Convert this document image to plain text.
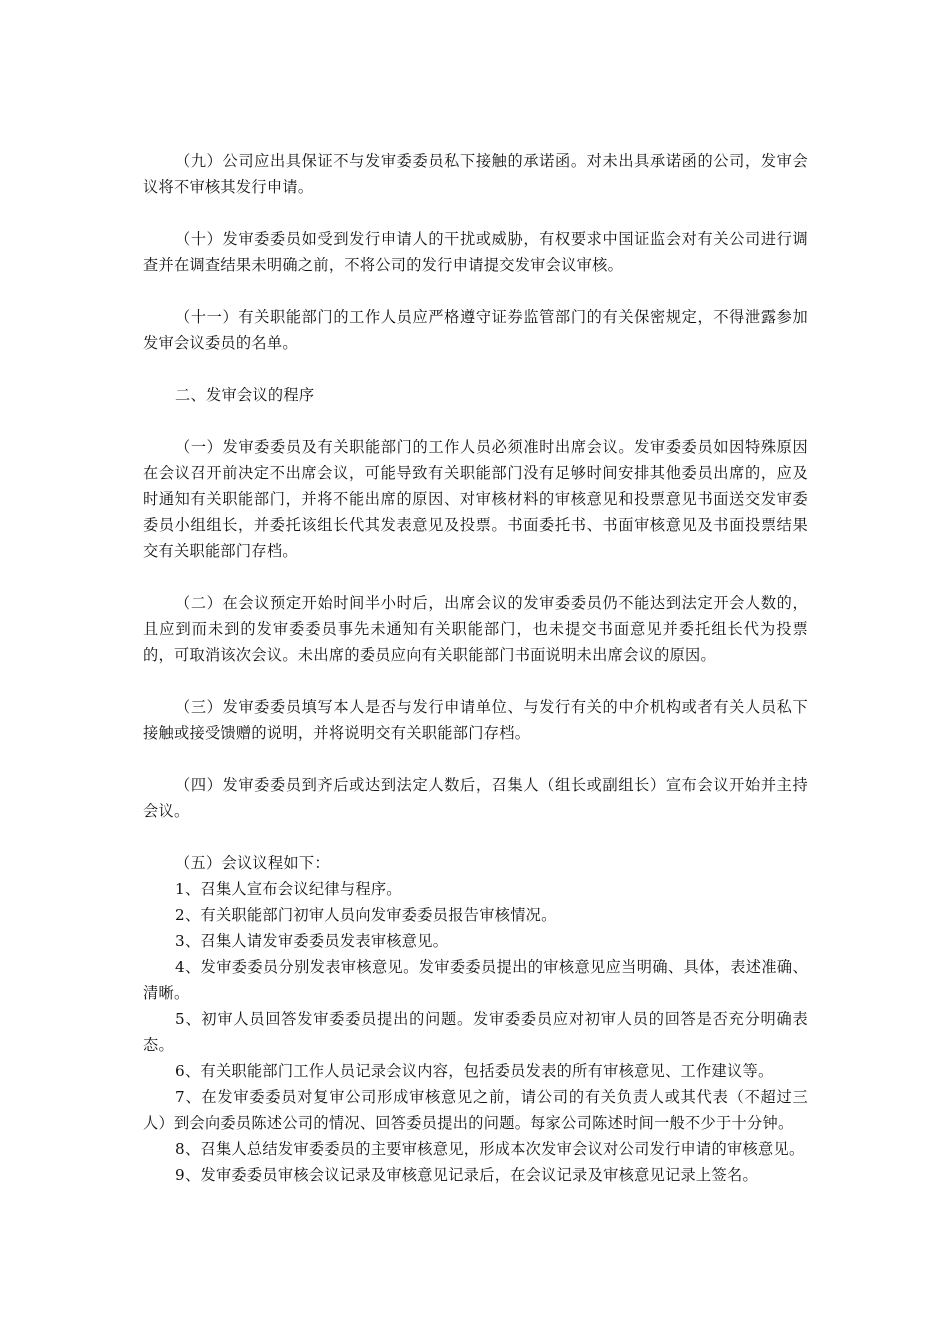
（九）公司应出具保证不与发审委委员私下接触的承诺函。对未出具承诺函的公司，发审会议将不审核其发行申请。

（十）发审委委员如受到发行申请人的干扰或威胁，有权要求中国证监会对有关公司进行调查并在调查结果未明确之前，不将公司的发行申请提交发审会议审核。

（十一）有关职能部门的工作人员应严格遵守证券监管部门的有关保密规定，不得泄露参加发审会议委员的名单。

二、发审会议的程序

（一）发审委委员及有关职能部门的工作人员必须准时出席会议。发审委委员如因特殊原因在会议召开前决定不出席会议，可能导致有关职能部门没有足够时间安排其他委员出席的，应及时通知有关职能部门，并将不能出席的原因、对审核材料的审核意见和投票意见书面送交发审委委员小组组长，并委托该组长代其发表意见及投票。书面委托书、书面审核意见及书面投票结果交有关职能部门存档。

（二）在会议预定开始时间半小时后，出席会议的发审委委员仍不能达到法定开会人数的，且应到而未到的发审委委员事先未通知有关职能部门，也未提交书面意见并委托组长代为投票的，可取消该次会议。未出席的委员应向有关职能部门书面说明未出席会议的原因。

（三）发审委委员填写本人是否与发行申请单位、与发行有关的中介机构或者有关人员私下接触或接受馈赠的说明，并将说明交有关职能部门存档。

（四）发审委委员到齐后或达到法定人数后，召集人（组长或副组长）宣布会议开始并主持会议。

（五）会议议程如下：

1、召集人宣布会议纪律与程序。

2、有关职能部门初审人员向发审委委员报告审核情况。

3、召集人请发审委委员发表审核意见。

4、发审委委员分别发表审核意见。发审委委员提出的审核意见应当明确、具体，表述准确、清晰。

5、初审人员回答发审委委员提出的问题。发审委委员应对初审人员的回答是否充分明确表态。

6、有关职能部门工作人员记录会议内容，包括委员发表的所有审核意见、工作建议等。

7、在发审委委员对复审公司形成审核意见之前，请公司的有关负责人或其代表（不超过三人）到会向委员陈述公司的情况、回答委员提出的问题。每家公司陈述时间一般不少于十分钟。

8、召集人总结发审委委员的主要审核意见，形成本次发审会议对公司发行申请的审核意见。

9、发审委委员审核会议记录及审核意见记录后，在会议记录及审核意见记录上签名。
